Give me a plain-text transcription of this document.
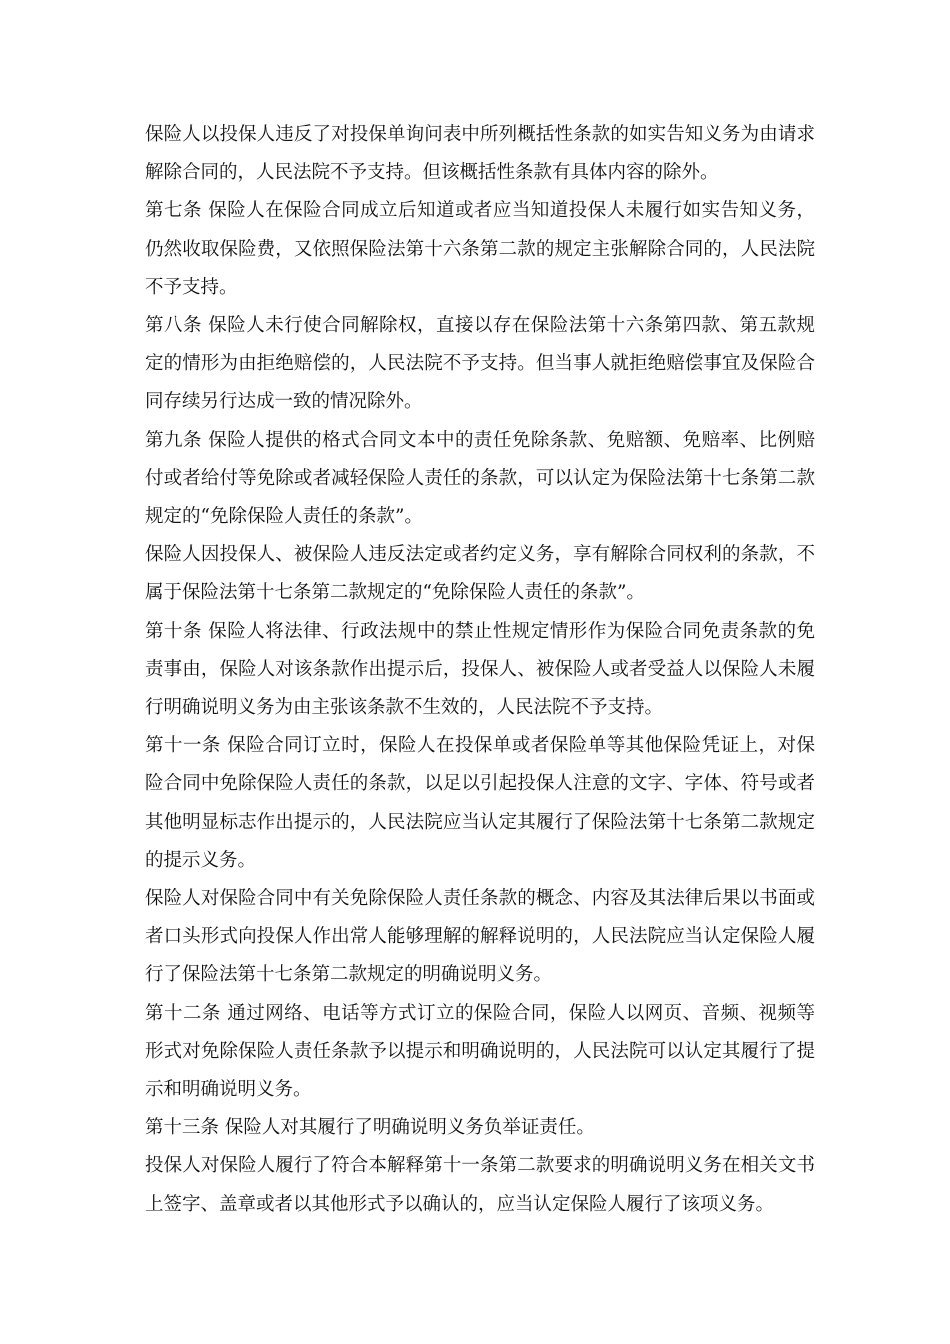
保险人以投保人违反了对投保单询问表中所列概括性条款的如实告知义务为由请求解除合同的，人民法院不予支持。但该概括性条款有具体内容的除外。

第七条 保险人在保险合同成立后知道或者应当知道投保人未履行如实告知义务，仍然收取保险费，又依照保险法第十六条第二款的规定主张解除合同的，人民法院不予支持。

第八条 保险人未行使合同解除权，直接以存在保险法第十六条第四款、第五款规定的情形为由拒绝赔偿的，人民法院不予支持。但当事人就拒绝赔偿事宜及保险合同存续另行达成一致的情况除外。

第九条 保险人提供的格式合同文本中的责任免除条款、免赔额、免赔率、比例赔付或者给付等免除或者减轻保险人责任的条款，可以认定为保险法第十七条第二款规定的“免除保险人责任的条款”。

保险人因投保人、被保险人违反法定或者约定义务，享有解除合同权利的条款，不属于保险法第十七条第二款规定的“免除保险人责任的条款”。

第十条 保险人将法律、行政法规中的禁止性规定情形作为保险合同免责条款的免责事由，保险人对该条款作出提示后，投保人、被保险人或者受益人以保险人未履行明确说明义务为由主张该条款不生效的，人民法院不予支持。

第十一条 保险合同订立时，保险人在投保单或者保险单等其他保险凭证上，对保险合同中免除保险人责任的条款，以足以引起投保人注意的文字、字体、符号或者其他明显标志作出提示的，人民法院应当认定其履行了保险法第十七条第二款规定的提示义务。

保险人对保险合同中有关免除保险人责任条款的概念、内容及其法律后果以书面或者口头形式向投保人作出常人能够理解的解释说明的，人民法院应当认定保险人履行了保险法第十七条第二款规定的明确说明义务。

第十二条 通过网络、电话等方式订立的保险合同，保险人以网页、音频、视频等形式对免除保险人责任条款予以提示和明确说明的，人民法院可以认定其履行了提示和明确说明义务。

第十三条 保险人对其履行了明确说明义务负举证责任。

投保人对保险人履行了符合本解释第十一条第二款要求的明确说明义务在相关文书上签字、盖章或者以其他形式予以确认的，应当认定保险人履行了该项义务。
